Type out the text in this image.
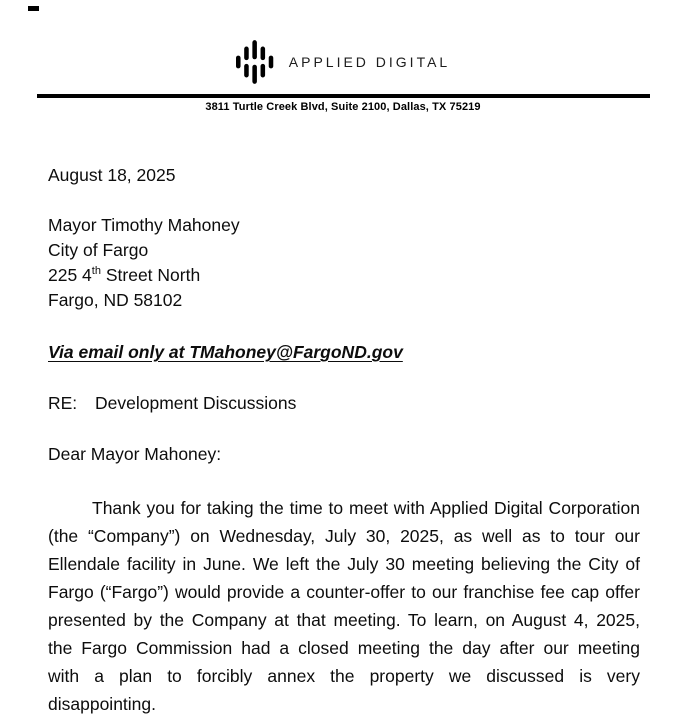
APPLIED DIGITAL
3811 Turtle Creek Blvd, Suite 2100, Dallas, TX 75219
August 18, 2025
Mayor Timothy Mahoney
City of Fargo
225 4th Street North
Fargo, ND 58102
Via email only at TMahoney@FargoND.gov
RE: Development Discussions
Dear Mayor Mahoney:
Thank you for taking the time to meet with Applied Digital Corporation (the “Company”) on Wednesday, July 30, 2025, as well as to tour our Ellendale facility in June. We left the July 30 meeting believing the City of Fargo (“Fargo”) would provide a counter-offer to our franchise fee cap offer presented by the Company at that meeting. To learn, on August 4, 2025, the Fargo Commission had a closed meeting the day after our meeting with a plan to forcibly annex the property we discussed is very disappointing.
